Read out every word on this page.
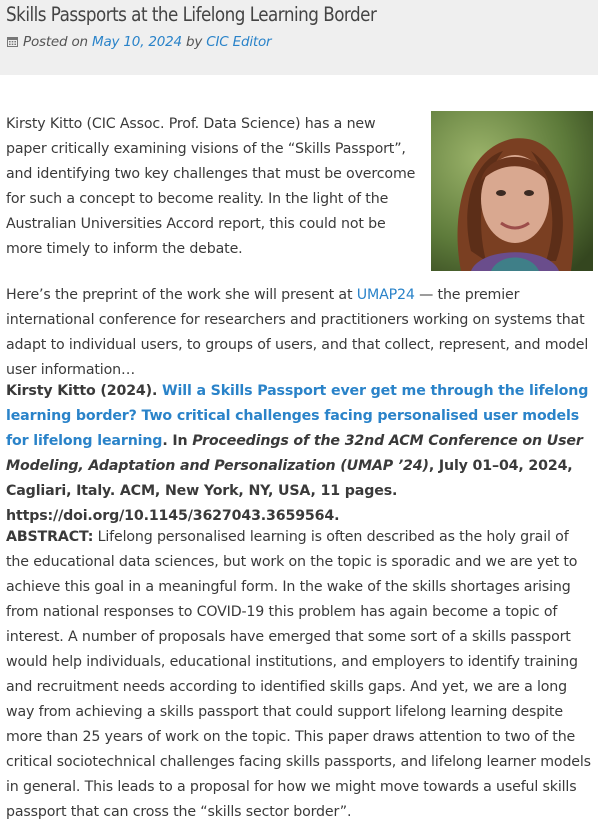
Skills Passports at the Lifelong Learning Border
Posted on May 10, 2024 by CIC Editor

Kirsty Kitto (CIC Assoc. Prof. Data Science) has a new paper critically examining visions of the “Skills Passport”, and identifying two key challenges that must be overcome for such a concept to become reality. In the light of the Australian Universities Accord report, this could not be more timely to inform the debate.

Here’s the preprint of the work she will present at UMAP24 — the premier international conference for researchers and practitioners working on systems that adapt to individual users, to groups of users, and that collect, represent, and model user information…

Kirsty Kitto (2024). Will a Skills Passport ever get me through the lifelong learning border? Two critical challenges facing personalised user models for lifelong learning. In Proceedings of the 32nd ACM Conference on User Modeling, Adaptation and Personalization (UMAP ’24), July 01–04, 2024, Cagliari, Italy. ACM, New York, NY, USA, 11 pages. https://doi.org/10.1145/3627043.3659564.

ABSTRACT: Lifelong personalised learning is often described as the holy grail of the educational data sciences, but work on the topic is sporadic and we are yet to achieve this goal in a meaningful form. In the wake of the skills shortages arising from national responses to COVID-19 this problem has again become a topic of interest. A number of proposals have emerged that some sort of a skills passport would help individuals, educational institutions, and employers to identify training and recruitment needs according to identified skills gaps. And yet, we are a long way from achieving a skills passport that could support lifelong learning despite more than 25 years of work on the topic. This paper draws attention to two of the critical sociotechnical challenges facing skills passports, and lifelong learner models in general. This leads to a proposal for how we might move towards a useful skills passport that can cross the “skills sector border”.
